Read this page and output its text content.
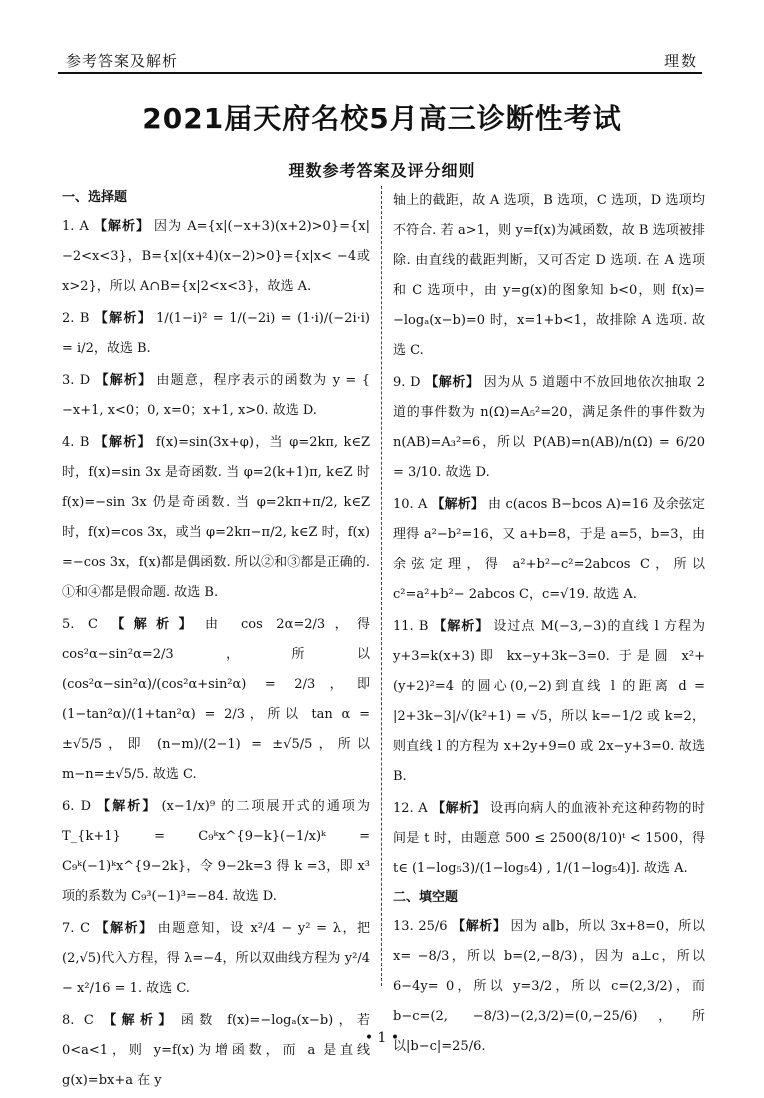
参考答案及解析	理数
2021届天府名校5月高三诊断性考试
理数参考答案及评分细则
一、选择题
1. A 【解析】 因为 A={x|(−x+3)(x+2)>0}={x| −2<x<3}，B={x|(x+4)(x−2)>0}={x|x< −4或 x>2}，所以 A∩B={x|2<x<3}，故选 A.
2. B 【解析】 1/(1−i)² = 1/(−2i) = (1·i)/(−2i·i) = i/2，故选 B.
3. D 【解析】 由题意，程序表示的函数为 y = { −x+1, x<0；0, x=0；x+1, x>0. 故选 D.
4. B 【解析】 f(x)=sin(3x+φ)，当 φ=2kπ, k∈Z 时，f(x)=sin 3x 是奇函数. 当 φ=2(k+1)π, k∈Z 时 f(x)=−sin 3x 仍是奇函数. 当 φ=2kπ+π/2, k∈Z 时，f(x)=cos 3x，或当 φ=2kπ−π/2, k∈Z 时，f(x) =−cos 3x，f(x)都是偶函数. 所以②和③都是正确的. ①和④都是假命题. 故选 B.
5. C 【解析】 由 cos 2α=2/3，得 cos²α−sin²α=2/3，所以 (cos²α−sin²α)/(cos²α+sin²α) = 2/3，即 (1−tan²α)/(1+tan²α) = 2/3，所以 tan α = ±√5/5，即 (n−m)/(2−1) = ±√5/5，所以 m−n=±√5/5. 故选 C.
6. D 【解析】 (x−1/x)⁹ 的二项展开式的通项为 T_{k+1} = C₉ᵏx^{9−k}(−1/x)ᵏ = C₉ᵏ(−1)ᵏx^{9−2k}，令 9−2k=3 得 k =3，即 x³ 项的系数为 C₉³(−1)³=−84. 故选 D.
7. C 【解析】 由题意知，设 x²/4 − y² = λ，把(2,√5)代入方程，得 λ=−4，所以双曲线方程为 y²/4 − x²/16 = 1. 故选 C.
8. C 【解析】 函数 f(x)=−logₐ(x−b)，若 0<a<1，则 y=f(x)为增函数，而 a 是直线 g(x)=bx+a 在 y
轴上的截距，故 A 选项，B 选项，C 选项，D 选项均不符合. 若 a>1，则 y=f(x)为减函数，故 B 选项被排除. 由直线的截距判断，又可否定 D 选项. 在 A 选项和 C 选项中，由 y=g(x)的图象知 b<0，则 f(x)= −logₐ(x−b)=0 时，x=1+b<1，故排除 A 选项. 故选 C.
9. D 【解析】 因为从 5 道题中不放回地依次抽取 2 道的事件数为 n(Ω)=A₅²=20，满足条件的事件数为 n(AB)=A₃²=6，所以 P(AB)=n(AB)/n(Ω) = 6/20 = 3/10. 故选 D.
10. A 【解析】 由 c(acos B−bcos A)=16 及余弦定理得 a²−b²=16，又 a+b=8，于是 a=5，b=3，由余弦定理，得 a²+b²−c²=2abcos C，所以 c²=a²+b²− 2abcos C，c=√19. 故选 A.
11. B 【解析】 设过点 M(−3,−3)的直线 l 方程为 y+3=k(x+3)即 kx−y+3k−3=0. 于是圆 x²+(y+2)²=4 的圆心(0,−2)到直线 l 的距离 d = |2+3k−3|/√(k²+1) = √5，所以 k=−1/2 或 k=2，则直线 l 的方程为 x+2y+9=0 或 2x−y+3=0. 故选 B.
12. A 【解析】 设再向病人的血液补充这种药物的时间是 t 时，由题意 500 ≤ 2500(8/10)ᵗ < 1500，得 t∈ (1−log₅3)/(1−log₅4) , 1/(1−log₅4)]. 故选 A.
二、填空题
13. 25/6 【解析】 因为 a∥b，所以 3x+8=0，所以 x= −8/3，所以 b=(2,−8/3)，因为 a⊥c，所以 6−4y= 0，所以 y=3/2，所以 c=(2,3/2)，而 b−c=(2, −8/3)−(2,3/2)=(0,−25/6)，所以|b−c|=25/6.
• 1 •
